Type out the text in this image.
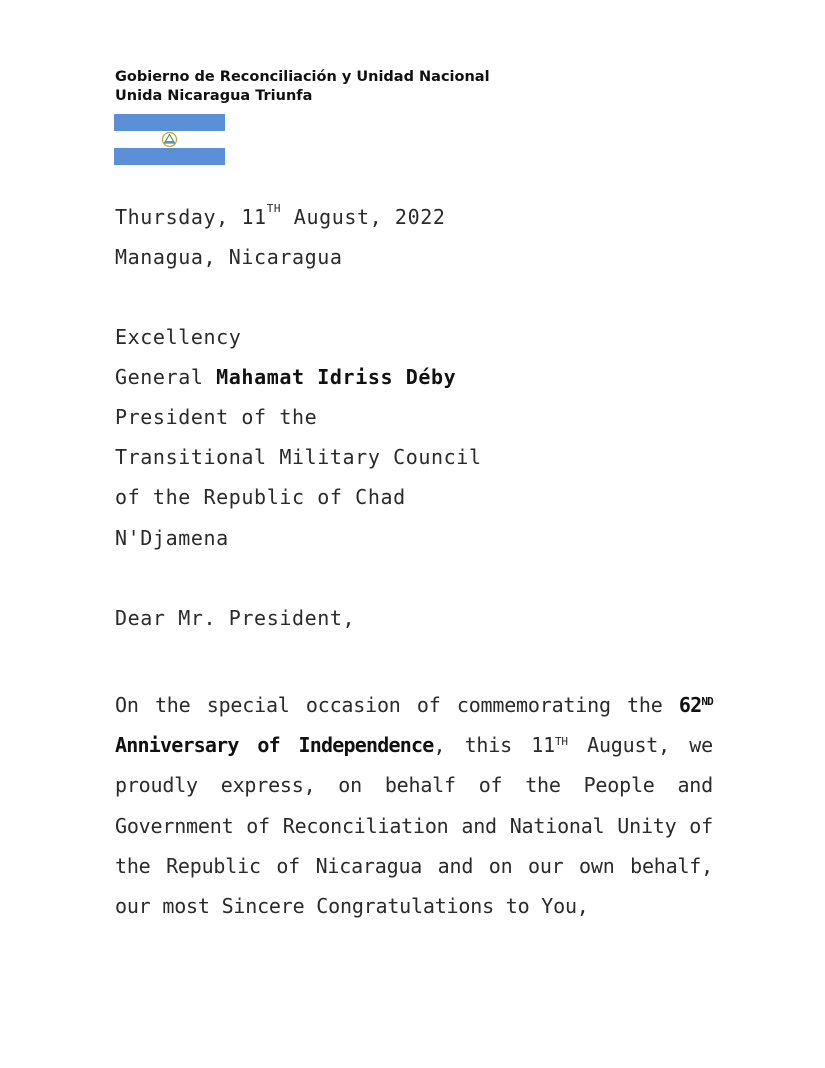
Gobierno de Reconciliación y Unidad Nacional
Unida Nicaragua Triunfa
Thursday, 11TH August, 2022
Managua, Nicaragua
Excellency
General Mahamat Idriss Déby
President of the
Transitional Military Council
of the Republic of Chad
N'Djamena
Dear Mr. President,
On the special occasion of commemorating the 62ND Anniversary of Independence, this 11TH August, we proudly express, on behalf of the People and Government of Reconciliation and National Unity of the Republic of Nicaragua and on our own behalf, our most Sincere Congratulations to You,
